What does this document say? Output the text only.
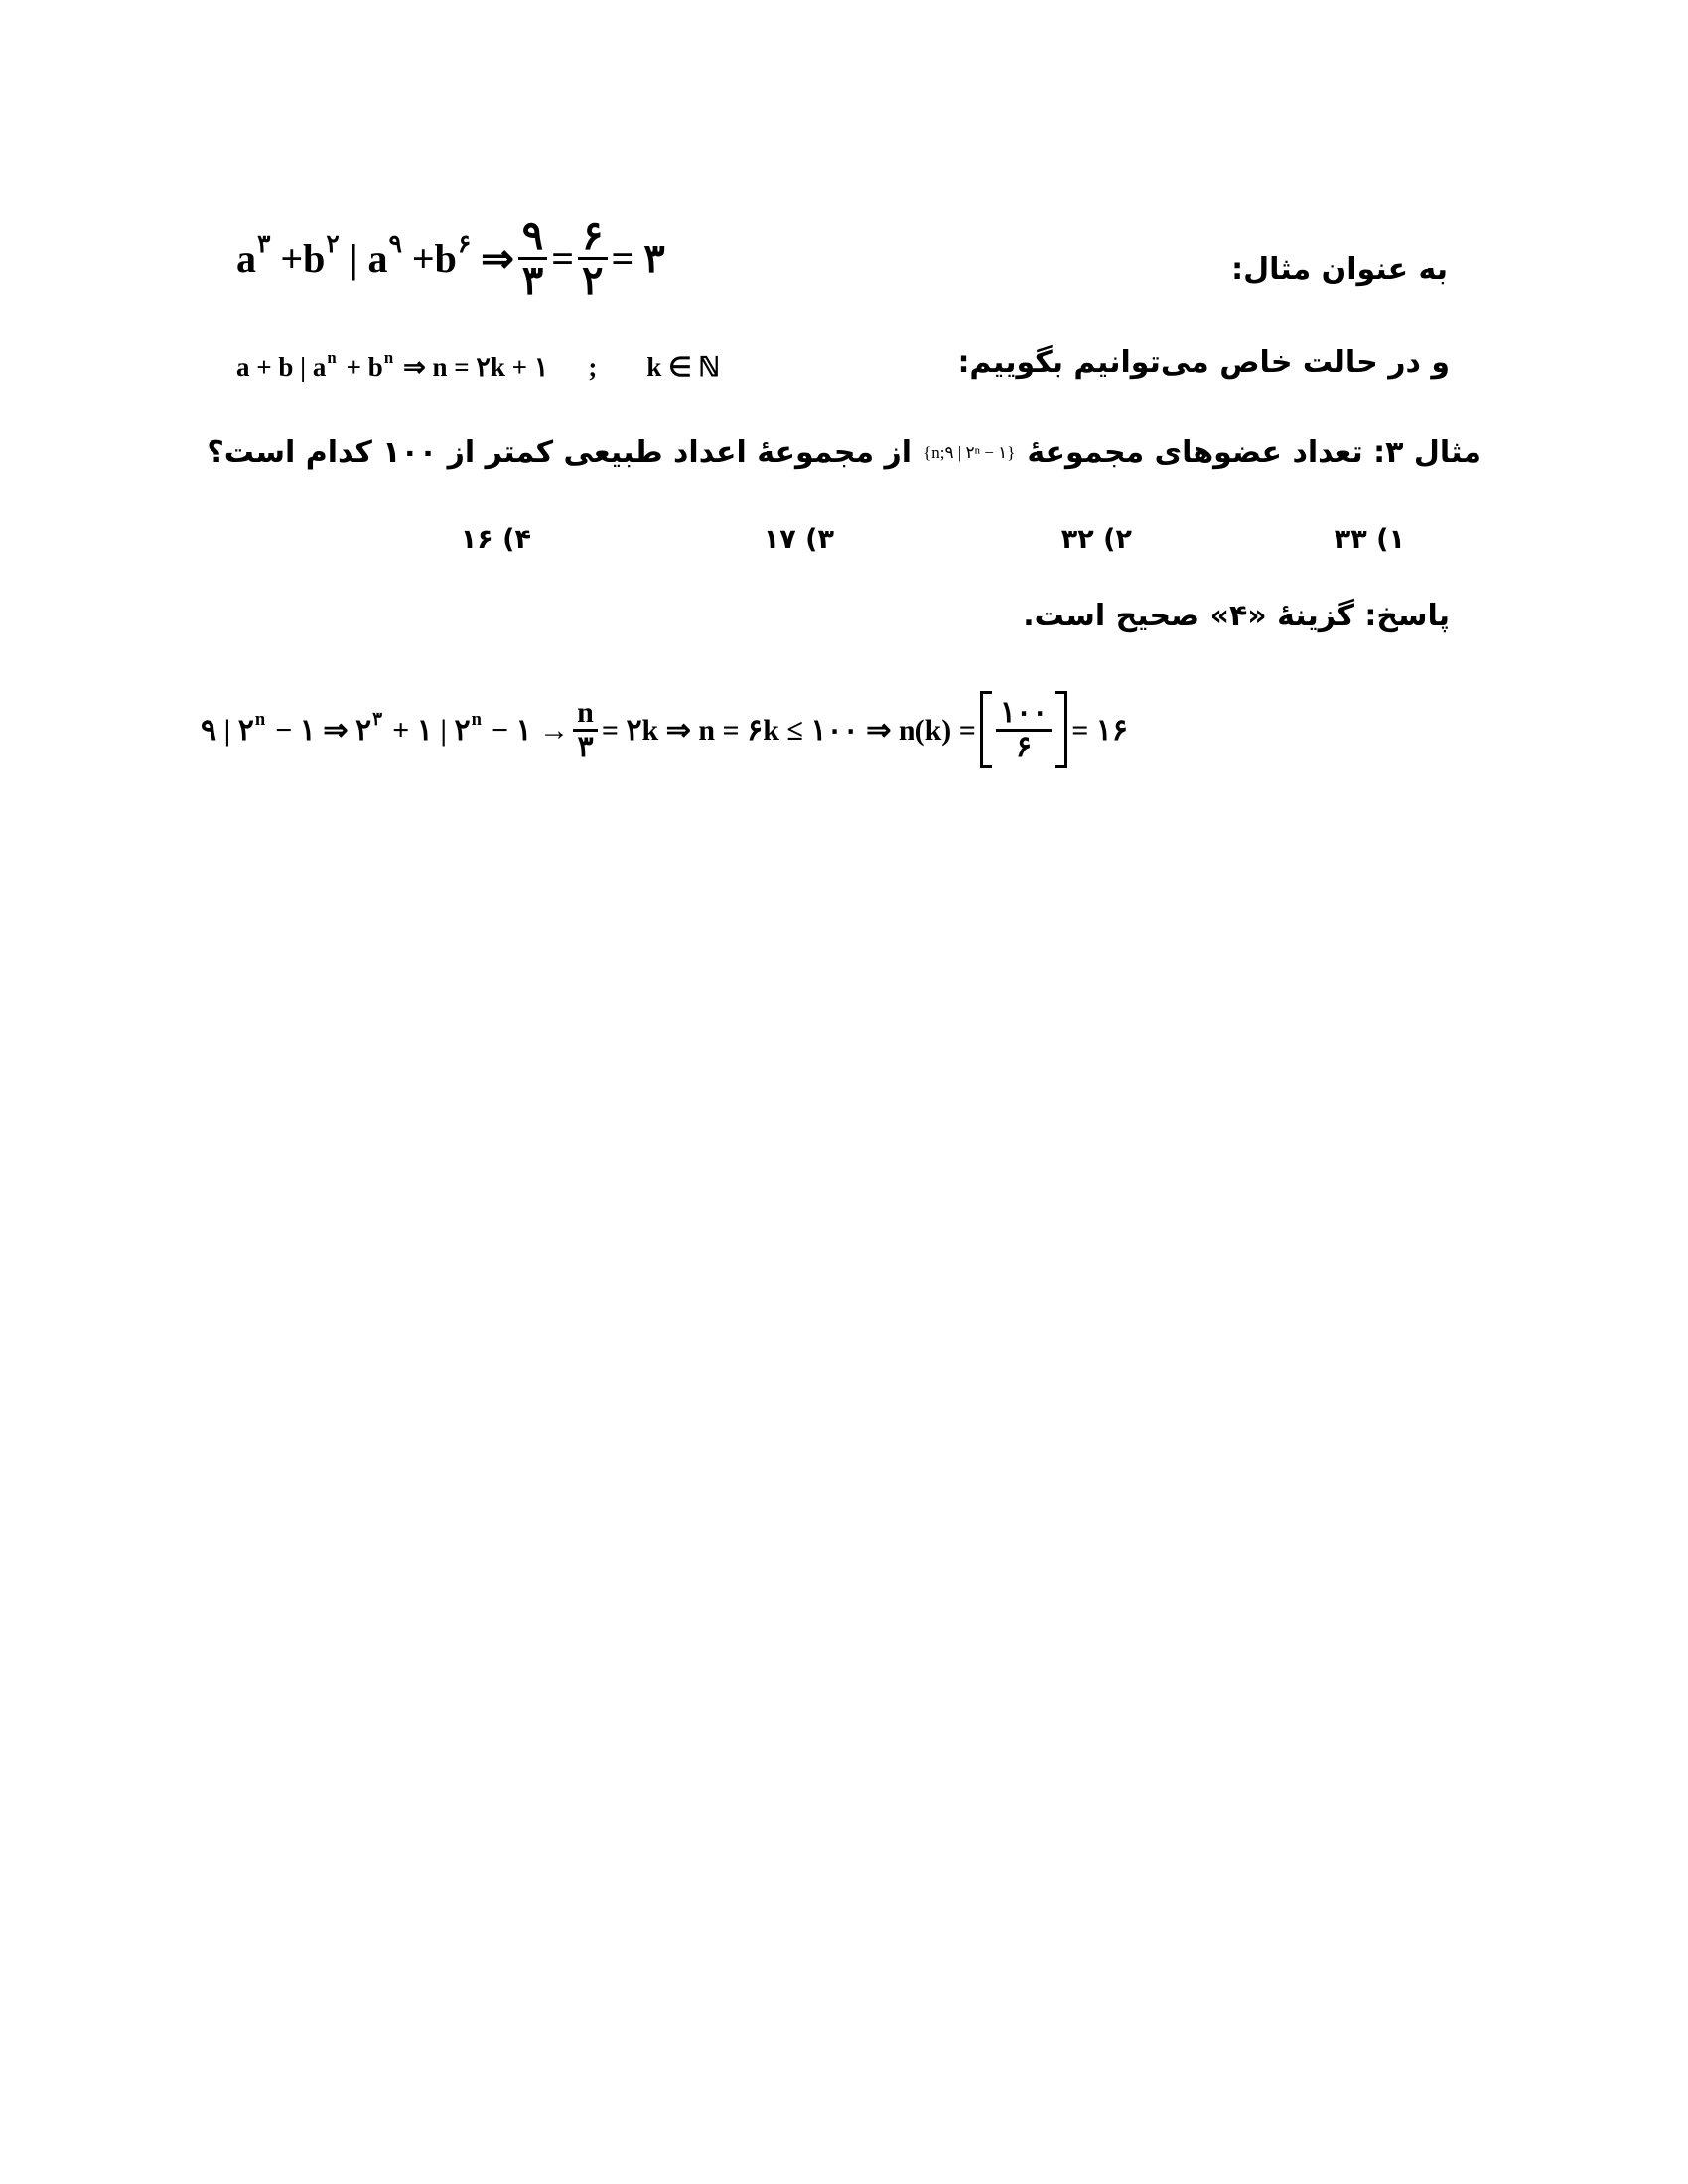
به عنوان مثال:
a ۳ + b ۲ | a ۹ + b ۶ ⇒ $\frac{۹}{۳} = \frac{۶}{۲}$ = ۳
و در حالت خاص می‌توانیم بگوییم:
a + b | a n + b n ⇒ n = ۲k + ۱ ; k ∈ ℕ
مثال ۳: تعداد عضوهای مجموعهٔ
{n;۹ | ۲ⁿ − ۱}
از مجموعهٔ اعداد طبیعی کمتر از ۱۰۰ کدام است؟
۱) ۳۳
۲) ۳۲
۳) ۱۷
۴) ۱۶
پاسخ: گزینهٔ «۴» صحیح است.
۹ | ۲ n − ۱ ⇒ ۲ ۳ + ۱ | ۲ n − ۱ → $\frac{n}{۳}$ = ۲k ⇒ n = ۶k ≤ ۱۰۰ ⇒ $n(k) = \frac{۱۰۰}{۶}$ = ۱۶
